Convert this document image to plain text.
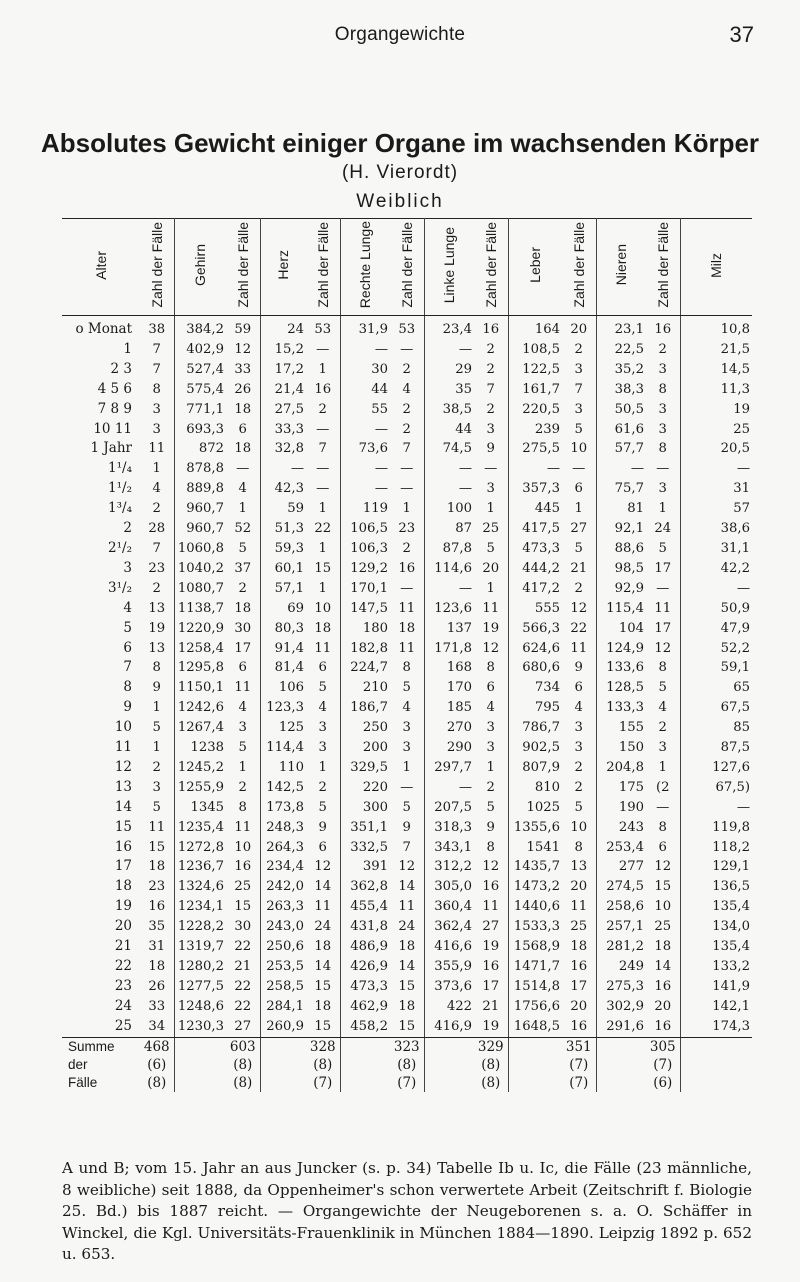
Organgewichte	37
Absolutes Gewicht einiger Organe im wachsenden Körper
(H. Vierordt)
Weiblich
Alter	Zahl der Fälle	Gehirn	Zahl der Fälle	Herz	Zahl der Fälle	Rechte Lunge	Zahl der Fälle	Linke Lunge	Zahl der Fälle	Leber	Zahl der Fälle	Nieren	Zahl der Fälle	Milz
o Monat	38	384,2	59	24	53	31,9	53	23,4	16	164	20	23,1	16	10,8
1	7	402,9	12	15,2	—	—	—	—	2	108,5	2	22,5	2	21,5
2 3	7	527,4	33	17,2	1	30	2	29	2	122,5	3	35,2	3	14,5
4 5 6	8	575,4	26	21,4	16	44	4	35	7	161,7	7	38,3	8	11,3
7 8 9	3	771,1	18	27,5	2	55	2	38,5	2	220,5	3	50,5	3	19
10 11	3	693,3	6	33,3	—	—	2	44	3	239	5	61,6	3	25
1 Jahr	11	872	18	32,8	7	73,6	7	74,5	9	275,5	10	57,7	8	20,5
1¹/₄	1	878,8	—	—	—	—	—	—	—	—	—	—	—	—
1¹/₂	4	889,8	4	42,3	—	—	—	—	3	357,3	6	75,7	3	31
1³/₄	2	960,7	1	59	1	119	1	100	1	445	1	81	1	57
2	28	960,7	52	51,3	22	106,5	23	87	25	417,5	27	92,1	24	38,6
2¹/₂	7	1060,8	5	59,3	1	106,3	2	87,8	5	473,3	5	88,6	5	31,1
3	23	1040,2	37	60,1	15	129,2	16	114,6	20	444,2	21	98,5	17	42,2
3¹/₂	2	1080,7	2	57,1	1	170,1	—	—	1	417,2	2	92,9	—	—
4	13	1138,7	18	69	10	147,5	11	123,6	11	555	12	115,4	11	50,9
5	19	1220,9	30	80,3	18	180	18	137	19	566,3	22	104	17	47,9
6	13	1258,4	17	91,4	11	182,8	11	171,8	12	624,6	11	124,9	12	52,2
7	8	1295,8	6	81,4	6	224,7	8	168	8	680,6	9	133,6	8	59,1
8	9	1150,1	11	106	5	210	5	170	6	734	6	128,5	5	65
9	1	1242,6	4	123,3	4	186,7	4	185	4	795	4	133,3	4	67,5
10	5	1267,4	3	125	3	250	3	270	3	786,7	3	155	2	85
11	1	1238	5	114,4	3	200	3	290	3	902,5	3	150	3	87,5
12	2	1245,2	1	110	1	329,5	1	297,7	1	807,9	2	204,8	1	127,6
13	3	1255,9	2	142,5	2	220	—	—	2	810	2	175	(2	67,5)
14	5	1345	8	173,8	5	300	5	207,5	5	1025	5	190	—	—
15	11	1235,4	11	248,3	9	351,1	9	318,3	9	1355,6	10	243	8	119,8
16	15	1272,8	10	264,3	6	332,5	7	343,1	8	1541	8	253,4	6	118,2
17	18	1236,7	16	234,4	12	391	12	312,2	12	1435,7	13	277	12	129,1
18	23	1324,6	25	242,0	14	362,8	14	305,0	16	1473,2	20	274,5	15	136,5
19	16	1234,1	15	263,3	11	455,4	11	360,4	11	1440,6	11	258,6	10	135,4
20	35	1228,2	30	243,0	24	431,8	24	362,4	27	1533,3	25	257,1	25	134,0
21	31	1319,7	22	250,6	18	486,9	18	416,6	19	1568,9	18	281,2	18	135,4
22	18	1280,2	21	253,5	14	426,9	14	355,9	16	1471,7	16	249	14	133,2
23	26	1277,5	22	258,5	15	473,3	15	373,6	17	1514,8	17	275,3	16	141,9
24	33	1248,6	22	284,1	18	462,9	18	422	21	1756,6	20	302,9	20	142,1
25	34	1230,3	27	260,9	15	458,2	15	416,9	19	1648,5	16	291,6	16	174,3
Summe	468		603		328		323		329		351		305	
der	(6)		(8)		(8)		(8)		(8)		(7)		(7)	
Fälle	(8)		(8)		(7)		(7)		(8)		(7)		(6)	
A und B; vom 15. Jahr an aus Juncker (s. p. 34) Tabelle Ib u. Ic, die Fälle (23 männliche, 8 weibliche) seit 1888, da Oppenheimer's schon verwertete Arbeit (Zeitschrift f. Biologie 25. Bd.) bis 1887 reicht. — Organgewichte der Neugeborenen s. a. O. Schäffer in Winckel, die Kgl. Universitäts-Frauenklinik in München 1884—1890. Leipzig 1892 p. 652 u. 653.
